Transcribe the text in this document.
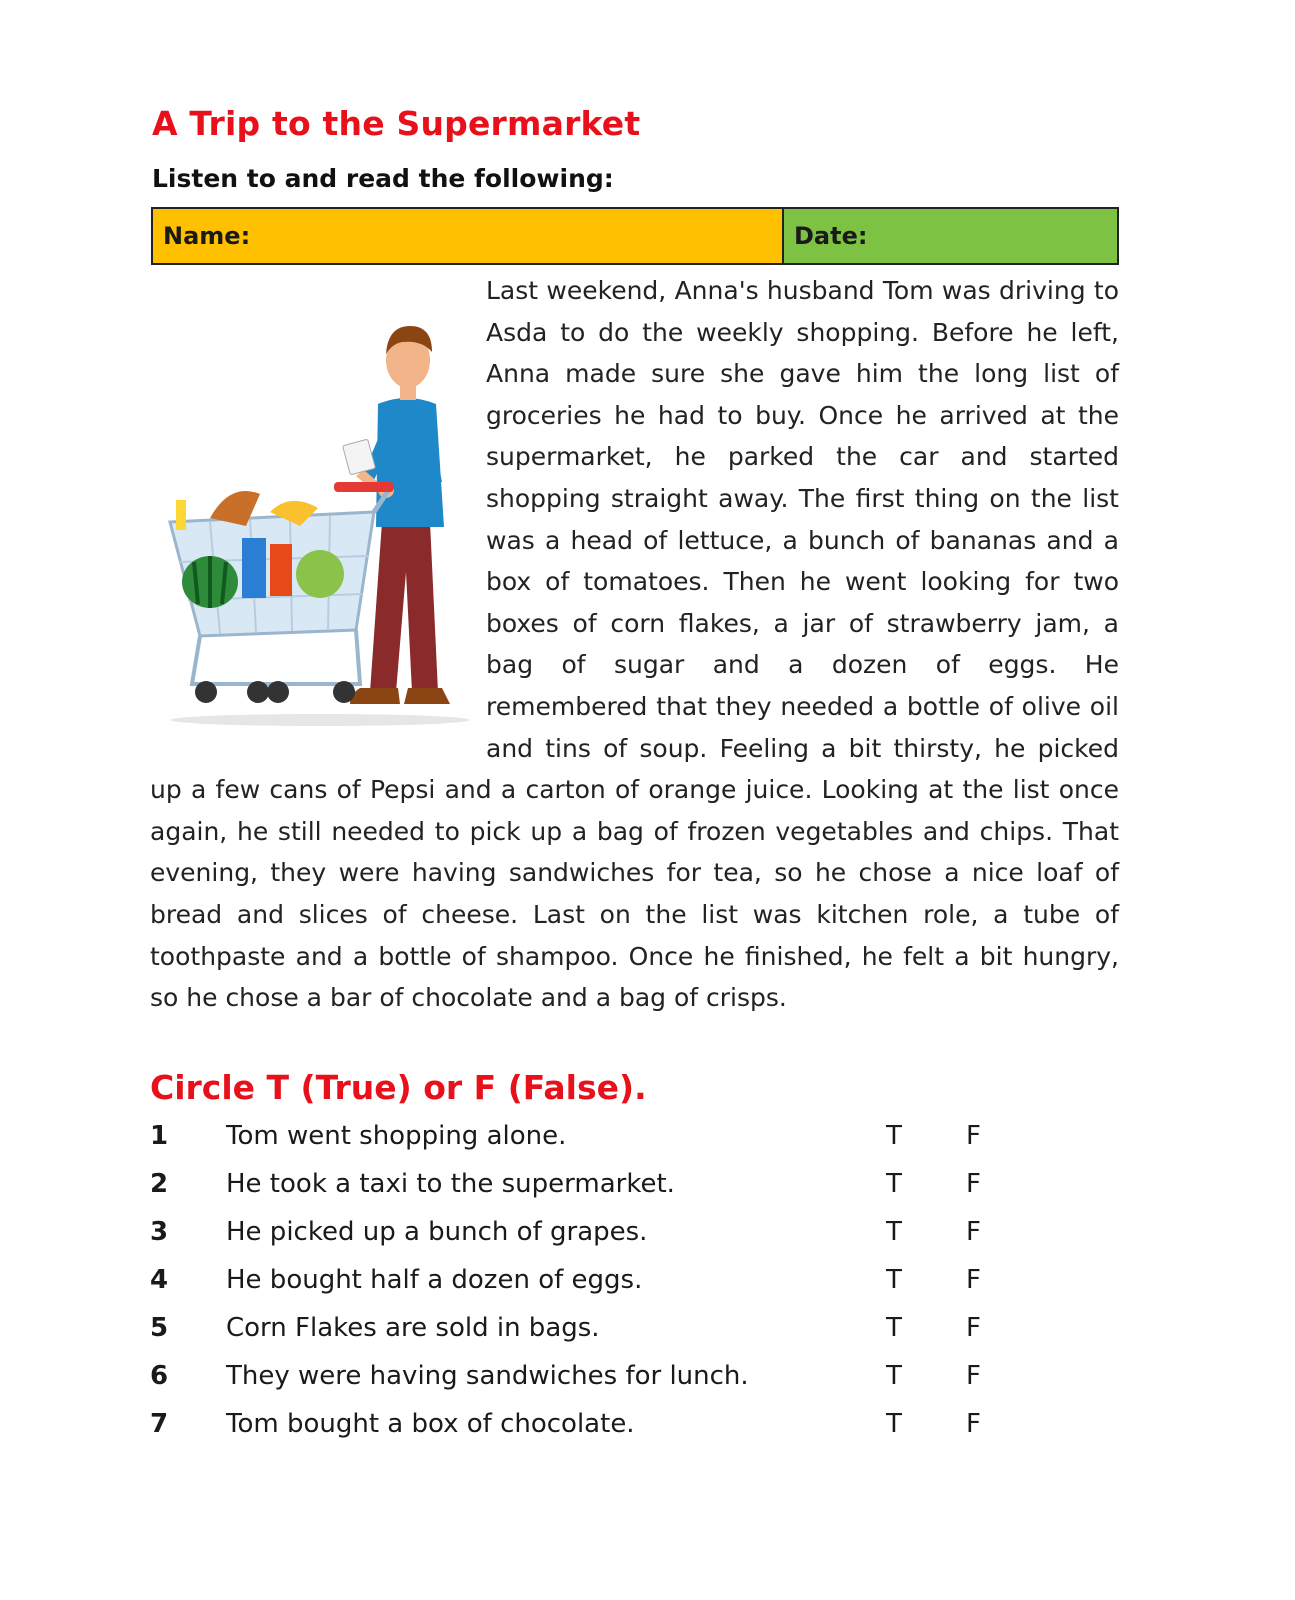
A Trip to the Supermarket

Listen to and read the following:

Name:	Date:
Last weekend, Anna's husband Tom was driving to Asda to do the weekly shopping. Before he left, Anna made sure she gave him the long list of groceries he had to buy. Once he arrived at the supermarket, he parked the car and started shopping straight away. The first thing on the list was a head of lettuce, a bunch of bananas and a box of tomatoes. Then he went looking for two boxes of corn flakes, a jar of strawberry jam, a bag of sugar and a dozen of eggs. He remembered that they needed a bottle of olive oil and tins of soup. Feeling a bit thirsty, he picked up a few cans of Pepsi and a carton of orange juice. Looking at the list once again, he still needed to pick up a bag of frozen vegetables and chips. That evening, they were having sandwiches for tea, so he chose a nice loaf of bread and slices of cheese. Last on the list was kitchen role, a tube of toothpaste and a bottle of shampoo. Once he finished, he felt a bit hungry, so he chose a bar of chocolate and a bag of crisps.
Circle T (True) or F (False).
1 Tom went shopping alone.	T F
2 He took a taxi to the supermarket.	T F
3 He picked up a bunch of grapes.	T F
4 He bought half a dozen of eggs.	T F
5 Corn Flakes are sold in bags.	T F
6 They were having sandwiches for lunch.	T F
7 Tom bought a box of chocolate.	T F
